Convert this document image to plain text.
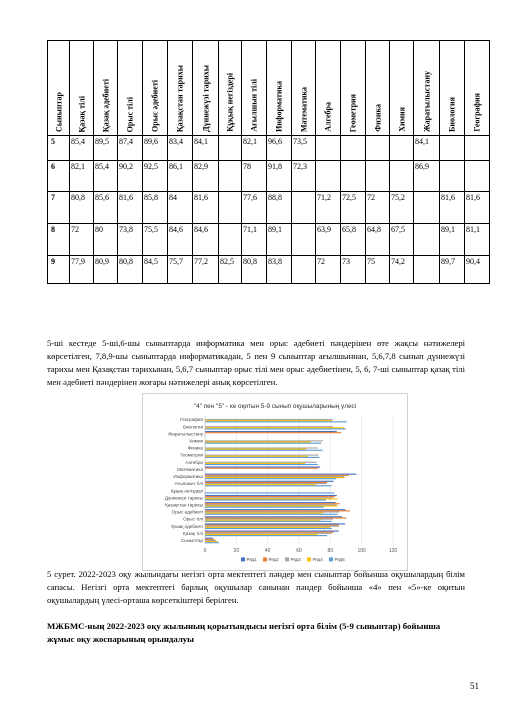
Сыныптар	Қазақ тілі	Қазақ әдебиеті	Орыс тілі	Орыс әдебиеті	Қазақстан тарихы	Дүниежүзі тарихы	Құқық негіздері	Ағылшын тілі	Информатика	Математика	Алгебра	Геометрия	Физика	Химия	Жаратылыстану	Биология	География

5	85,4	89,5	87,4	89,6	83,4	84,1		82,1	96,6	73,5					84,1		
6	82,1	85,4	90,2	92,5	86,1	82,9		78	91,8	72,3					86,9		
7	80,8	85,6	81,6	85,8	84	81,6		77,6	88,8		71,2	72,5	72	75,2		81,6	81,6
8	72	80	73,8	75,5	84,6	84,6		71,1	89,1		63,9	65,8	64,8	67,5		89,1	81,1
9	77,9	80,9	80,8	84,5	75,7	77,2	82,5	80,8	83,8		72	73	75	74,2		89,7	90,4

5-ші кестеде 5-ші,6-шы сыныптарда информатика мен орыс әдебиеті пәндерінен өте жақсы нәтижелері көрсетілген, 7,8,9-шы сыныптарда информатикадан, 5 пен 9 сыныптар ағылшыннан, 5,6,7,8 сынып дүниежүзі тарихы мен Қазақстан тарихынан, 5,6,7 сыныптар орыс тілі мен орыс әдебиетінен, 5, 6, 7-ші сыныптар қазақ тілі мен әдебиеті пәндерінен жоғары нәтижелері анық көрсетілген.

"4" пен "5" - ке оқитын 5-9 сынып оқушыларының үлесі
0	20	40	60	80	100	120
Сыныптар
Қазақ тілі
Қазақ әдебиеті
Орыс тілі
Орыс әдебиеті
Қазақстан тарихы
Дүниежүзі тарихы
Құқық негіздері
Ағылшын тілі
Информатика
Математика
Алгебра
Геометрия
Физика
Химия
Жаратылыстану
Биология
География
Ряд1	Ряд2	Ряд3	Ряд4	Ряд5

5 сурет. 2022-2023 оқу жылындағы негізгі орта мектептегі пәндер мен сыныптар бойынша оқушылардың білім сапасы. Негізгі орта мектептегі барлық оқушылар санынан пәндер бойынша «4» пен «5»-ке оқитын оқушылардың үлесі-орташа көрсеткіштері берілген.

МЖБМС-ның 2022-2023 оқу жылының қорытындысы негізгі орта білім (5-9 сыныптар) бойынша жұмыс оқу жоспарының орындалуы

51
